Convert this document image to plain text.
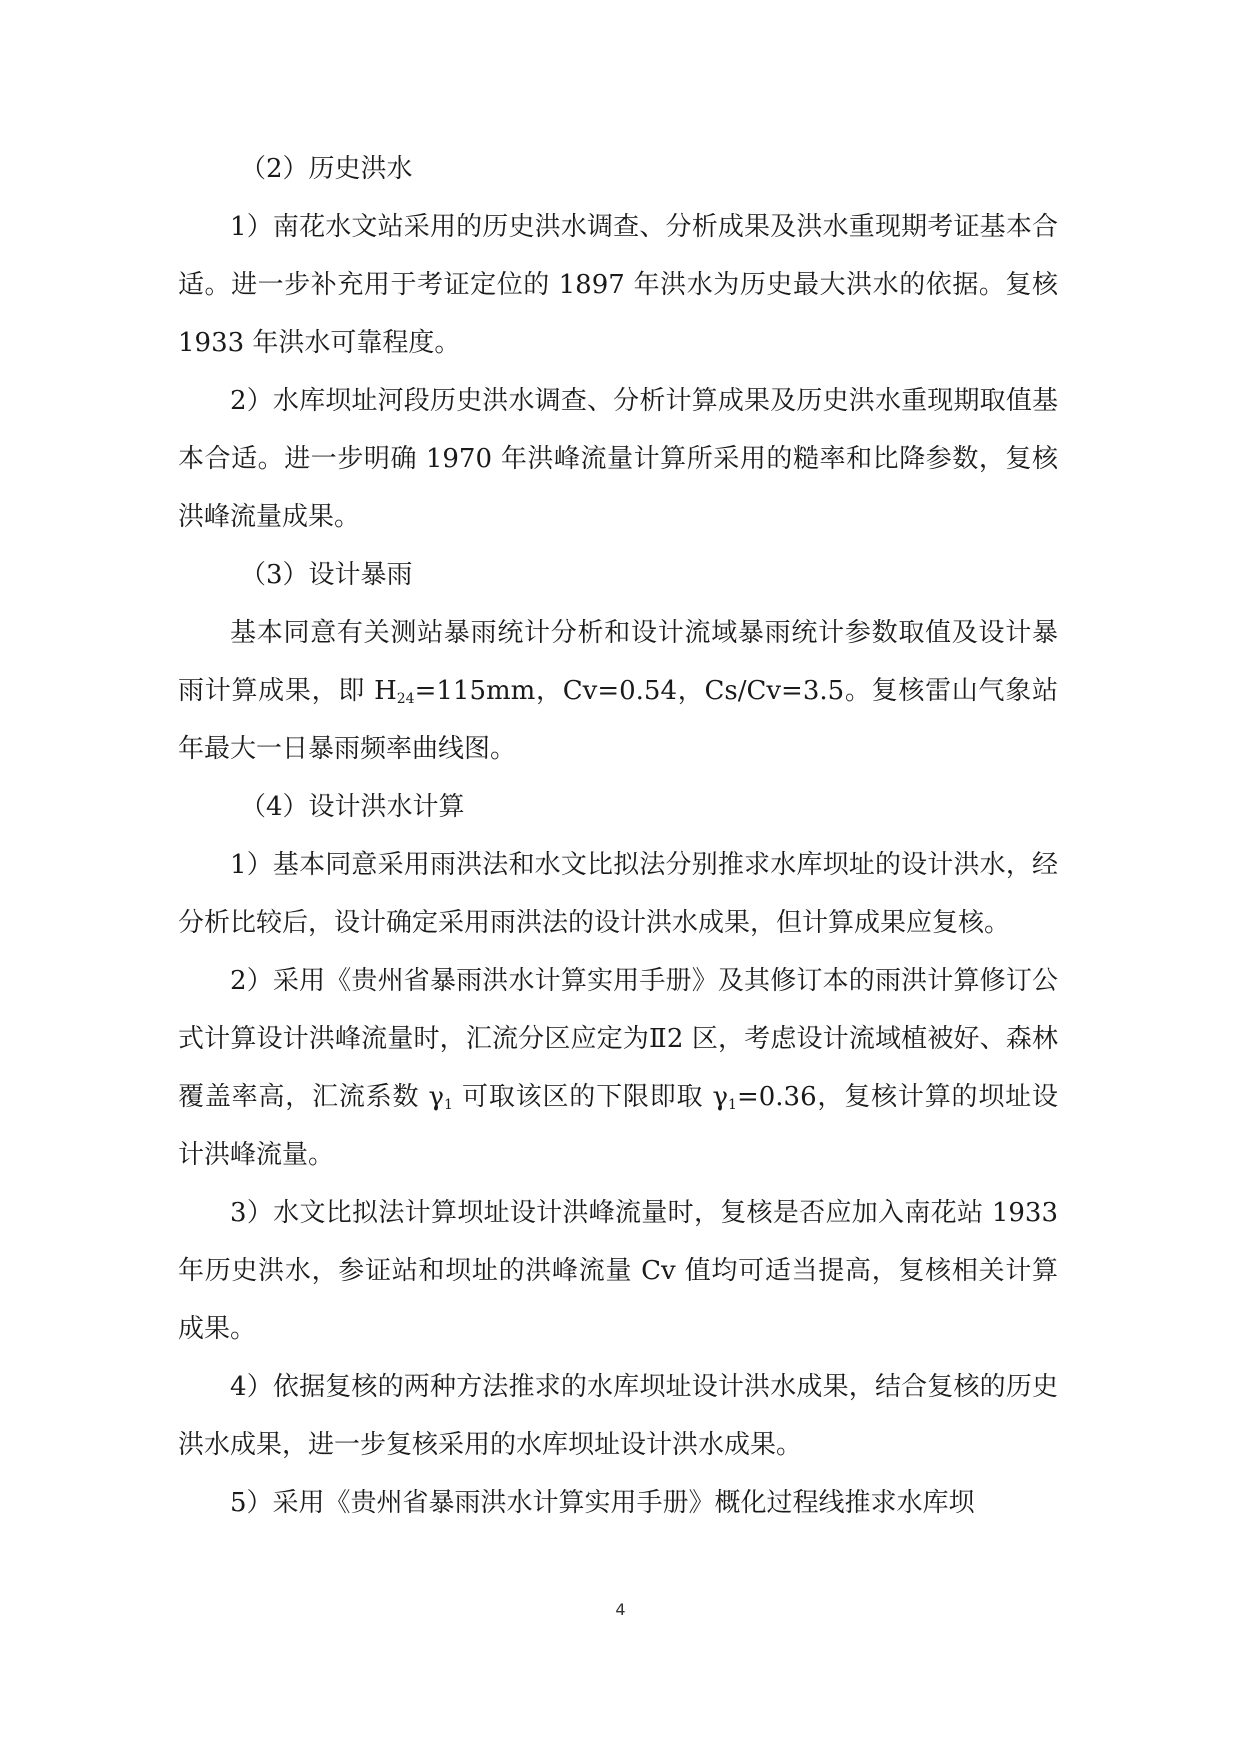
（2）历史洪水

1）南花水文站采用的历史洪水调查、分析成果及洪水重现期考证基本合适。进一步补充用于考证定位的 1897 年洪水为历史最大洪水的依据。复核 1933 年洪水可靠程度。

2）水库坝址河段历史洪水调查、分析计算成果及历史洪水重现期取值基本合适。进一步明确 1970 年洪峰流量计算所采用的糙率和比降参数，复核洪峰流量成果。

（3）设计暴雨

基本同意有关测站暴雨统计分析和设计流域暴雨统计参数取值及设计暴雨计算成果，即 $H_{24}=115mm$，Cv=0.54，Cs/Cv=3.5。复核雷山气象站年最大一日暴雨频率曲线图。

（4）设计洪水计算

1）基本同意采用雨洪法和水文比拟法分别推求水库坝址的设计洪水，经分析比较后，设计确定采用雨洪法的设计洪水成果，但计算成果应复核。

2）采用《贵州省暴雨洪水计算实用手册》及其修订本的雨洪计算修订公式计算设计洪峰流量时，汇流分区应定为Ⅱ2 区，考虑设计流域植被好、森林覆盖率高，汇流系数 $\gamma_1$ 可取该区的下限即取 $\gamma_1=0.36$，复核计算的坝址设计洪峰流量。

3）水文比拟法计算坝址设计洪峰流量时，复核是否应加入南花站 1933 年历史洪水，参证站和坝址的洪峰流量 Cv 值均可适当提高，复核相关计算成果。

4）依据复核的两种方法推求的水库坝址设计洪水成果，结合复核的历史洪水成果，进一步复核采用的水库坝址设计洪水成果。

5）采用《贵州省暴雨洪水计算实用手册》概化过程线推求水库坝

4
